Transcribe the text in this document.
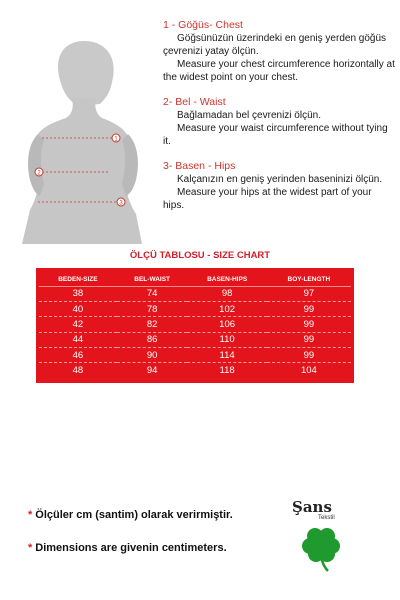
1
2
3
1 - Göğüs- Chest
Göğsünüzün üzerindeki en geniş yerden göğüs çevrenizi yatay ölçün.
Measure your chest circumference horizontally at the widest point on your chest.
2- Bel - Waist
Bağlamadan bel çevrenizi ölçün.
Measure your waist circumference without tying it.
3- Basen - Hips
Kalçanızın en geniş yerinden baseninizi ölçün.
Measure your hips at the widest part of your hips.
ÖLÇÜ TABLOSU - SIZE CHART
BEDEN-SIZE	BEL-WAIST	BASEN-HIPS	BOY-LENGTH
38	74	98	97
40	78	102	99
42	82	106	99
44	86	110	99
46	90	114	99
48	94	118	104
* Ölçüler cm (santim) olarak verirmiştir.
* Dimensions are givenin centimeters.
Şans
Tekstil
